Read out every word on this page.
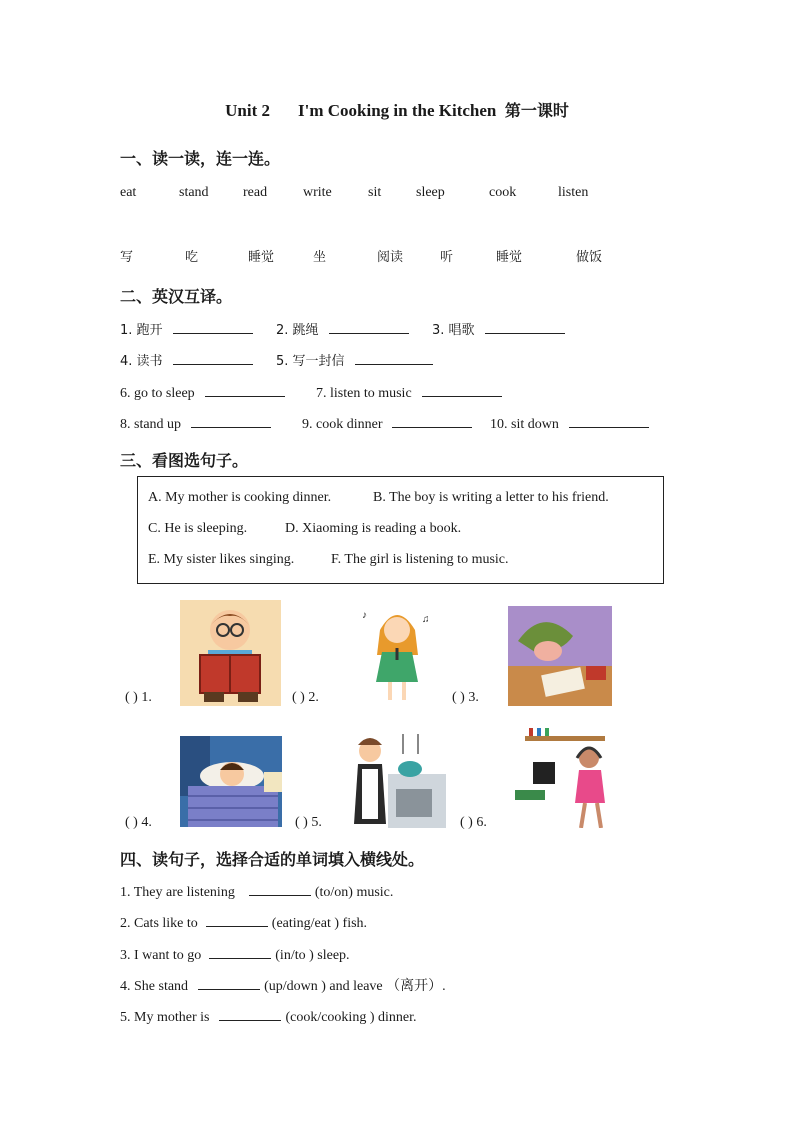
Unit 2 I'm Cooking in the Kitchen 第一课时
一、读一读，连一连。
eat	stand read	write	sit sleep	cook	listen
写	吃	睡觉	坐	阅读	听	睡觉	做饭
二、英汉互译。
1. 跑开	2. 跳绳	3. 唱歌
4. 读书	5. 写一封信
6. go to sleep	7. listen to music
8. stand up	9. cook dinner	10. sit down
三、看图选句子。
A. My mother is cooking dinner.	B. The boy is writing a letter to his friend.
C. He is sleeping.	D. Xiaoming is reading a book.
E. My sister likes singing.	F. The girl is listening to music.
♪	♫
( ) 1.	( ) 2.	( ) 3.
( ) 4.	( ) 5.	( ) 6.
四、读句子，选择合适的单词填入横线处。
1. They are listening	(to/on) music.
2. Cats like to	(eating/eat ) fish.
3. I want to go	(in/to ) sleep.
4. She stand	(up/down ) and leave （离开）.
5. My mother is	(cook/cooking ) dinner.
